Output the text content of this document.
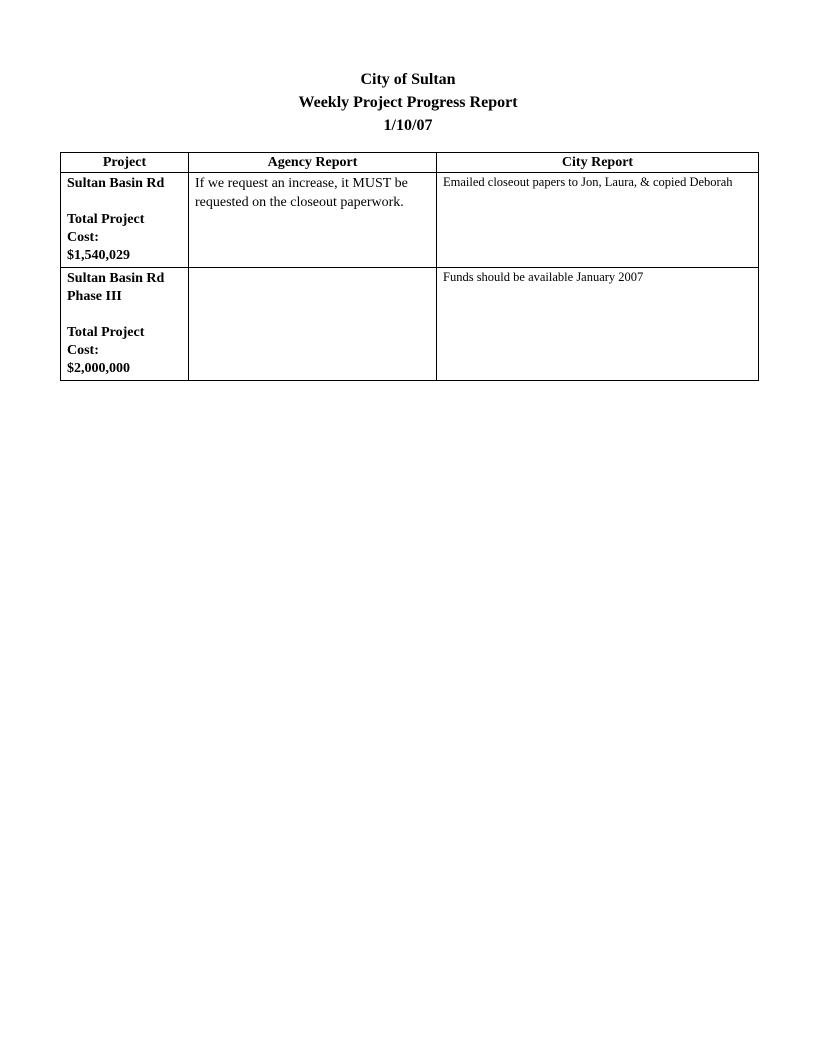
City of Sultan
Weekly Project Progress Report
1/10/07
Project	Agency Report	City Report

Sultan Basin Rd
Total Project
Cost:
$1,540,029	If we request an increase, it MUST be requested on the closeout paperwork.	Emailed closeout papers to Jon, Laura, & copied Deborah

Sultan Basin Rd
Phase III
Total Project
Cost:
$2,000,000		Funds should be available January 2007
